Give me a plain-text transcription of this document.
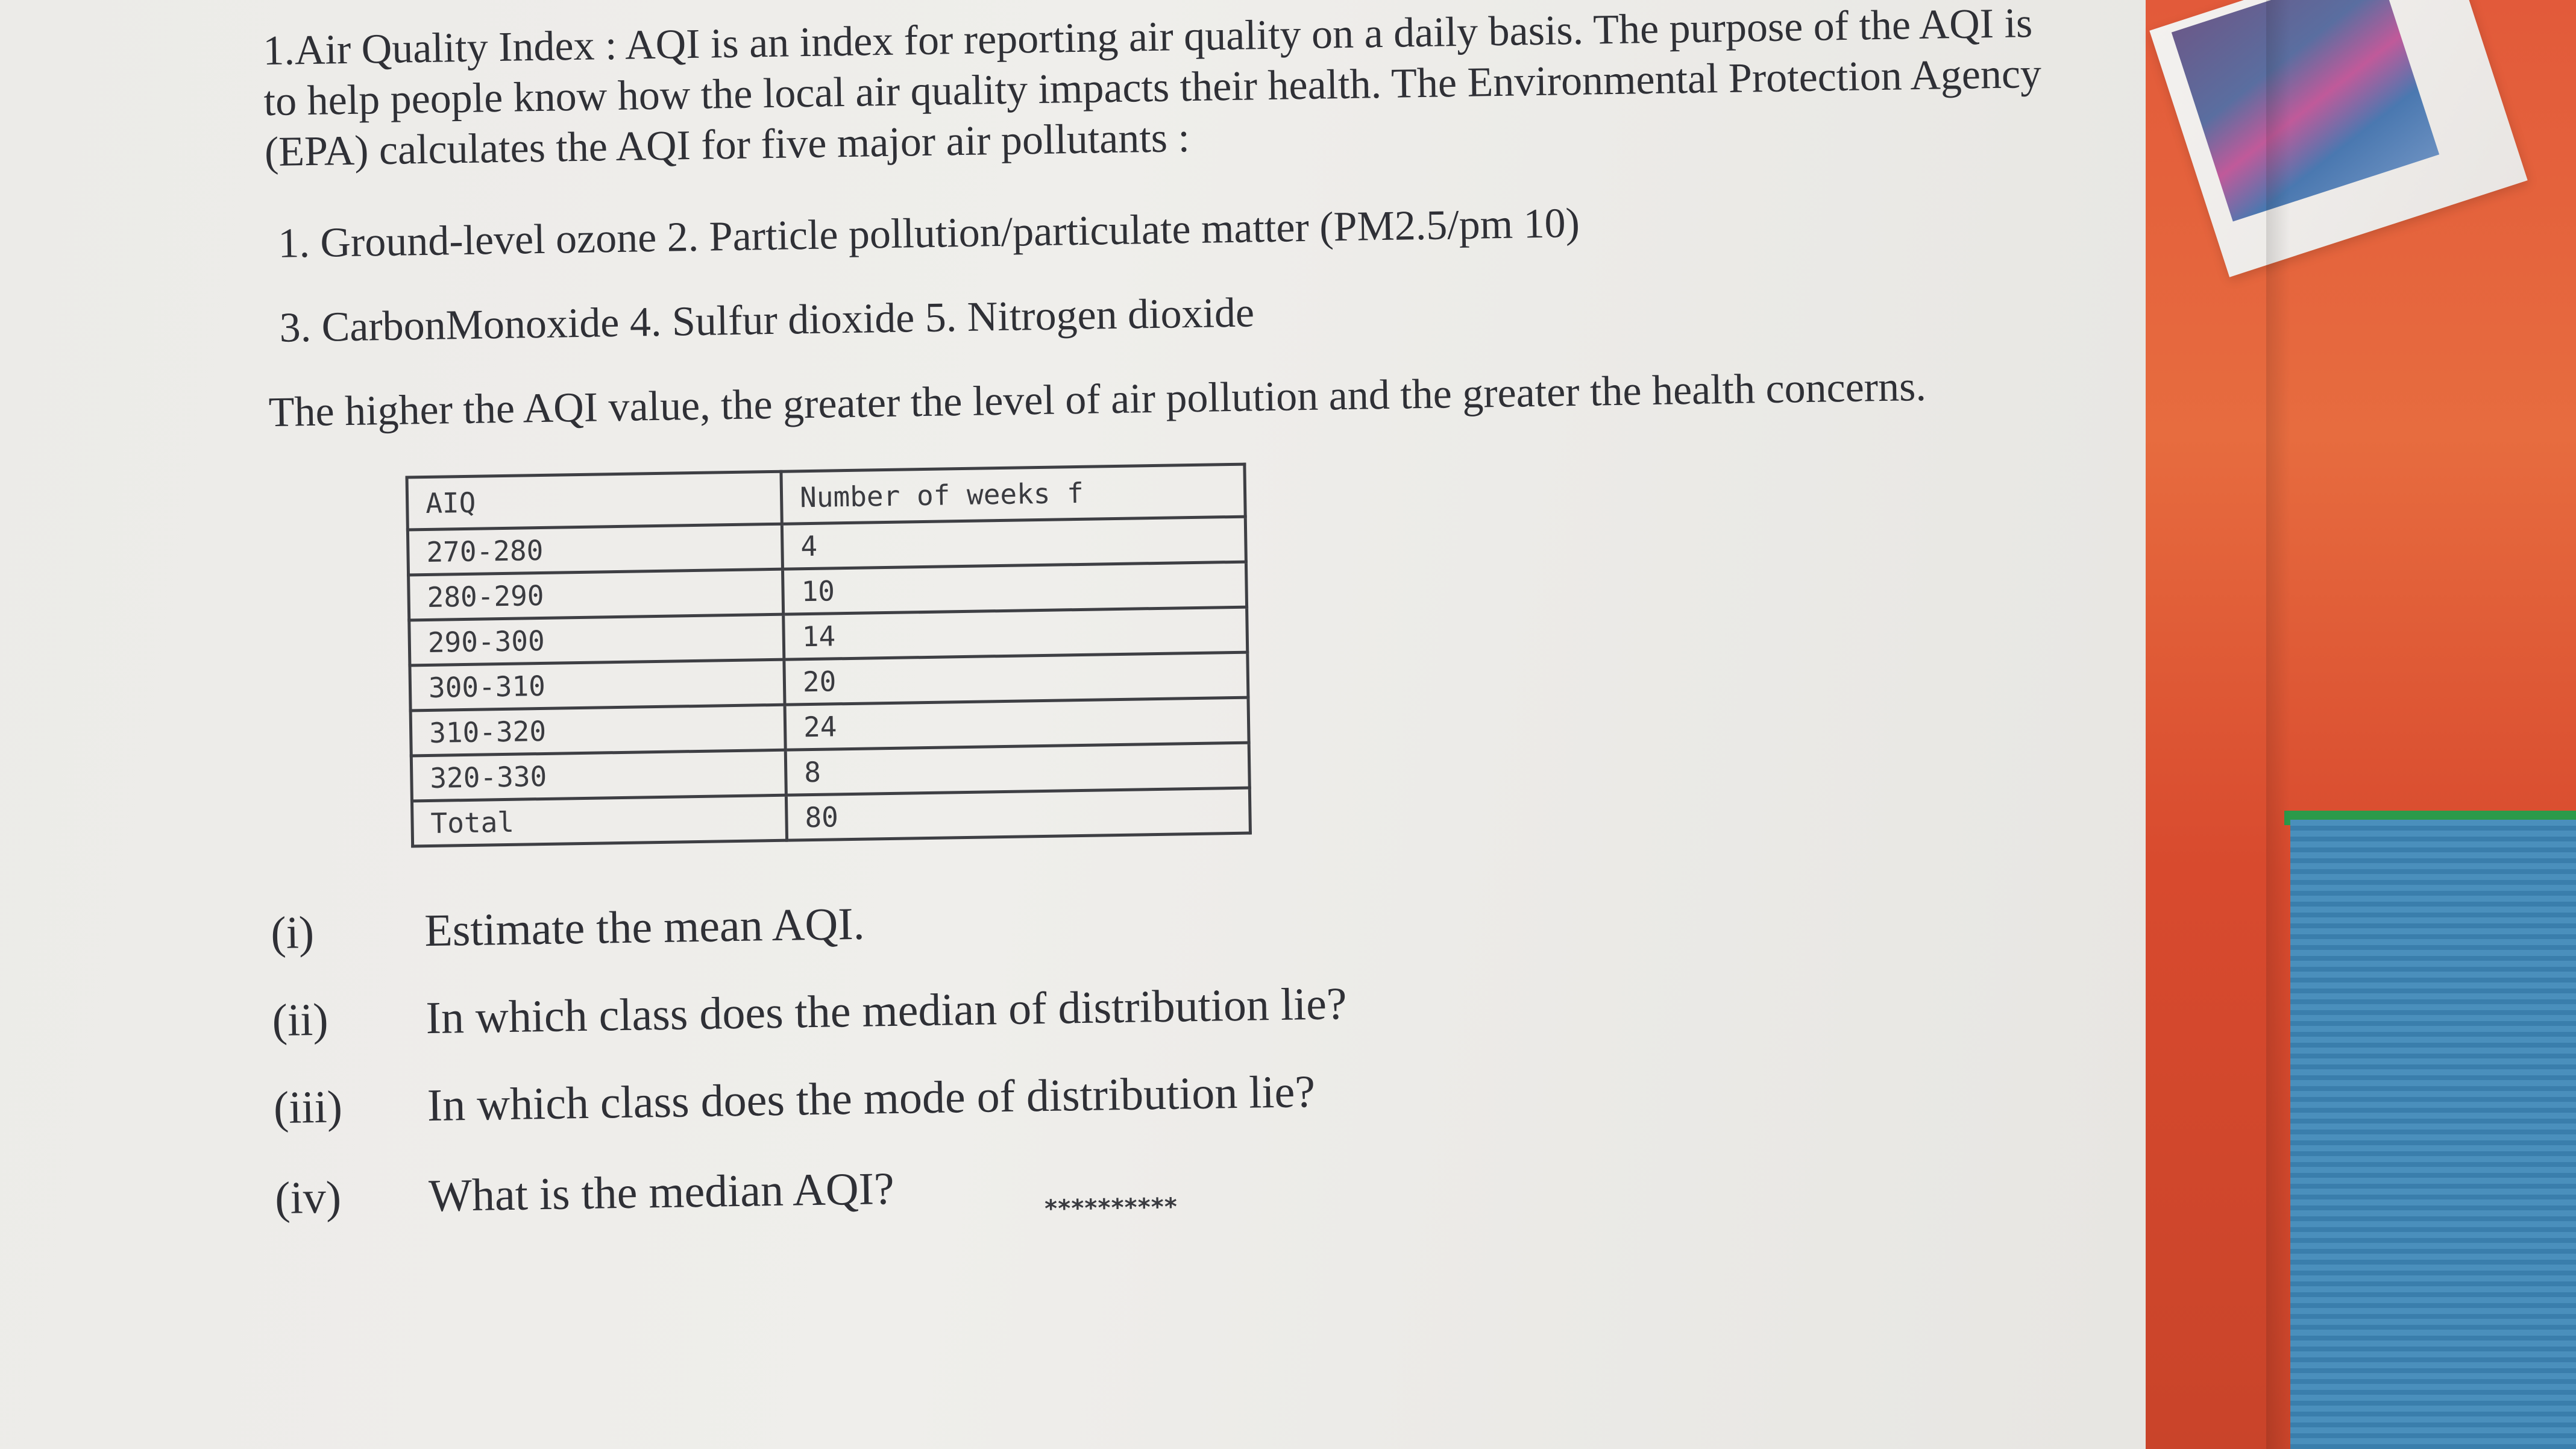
1.Air Quality Index : AQI is an index for reporting air quality on a daily basis. The purpose of the AQI is to help people know how the local air quality impacts their health. The Environmental Protection Agency (EPA) calculates the AQI for five major air pollutants :

1. Ground-level ozone 2. Particle pollution/particulate matter (PM2.5/pm 10)

3. CarbonMonoxide 4. Sulfur dioxide 5. Nitrogen dioxide

The higher the AQI value, the greater the level of air pollution and the greater the health concerns.

AIQ	Number of weeks f
270-280	4
280-290	10
290-300	14
300-310	20
310-320	24
320-330	8
Total	80
(i) Estimate the mean AQI.
(ii) In which class does the median of distribution lie?
(iii) In which class does the mode of distribution lie?
(iv) What is the median AQI?	**********
